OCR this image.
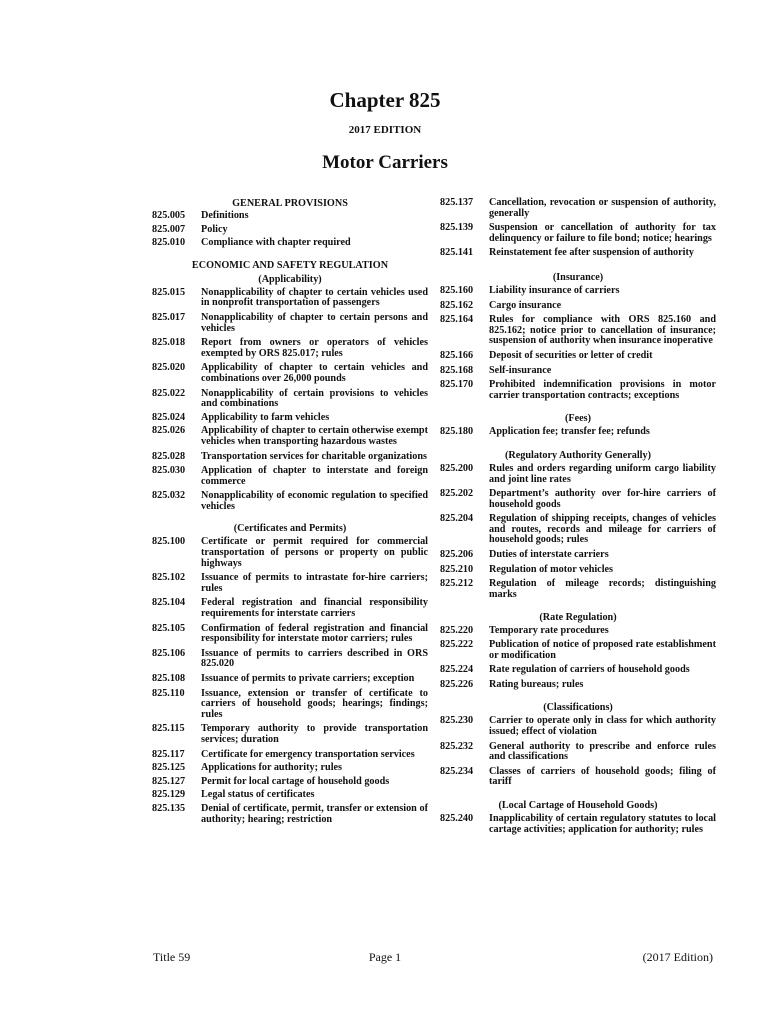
Chapter 825
2017 EDITION
Motor Carriers
GENERAL PROVISIONS
825.005	Definitions
825.007	Policy
825.010	Compliance with chapter required
ECONOMIC AND SAFETY REGULATION
(Applicability)
825.015	Nonapplicability of chapter to certain vehicles used in nonprofit transportation of passengers
825.017	Nonapplicability of chapter to certain persons and vehicles
825.018	Report from owners or operators of vehicles exempted by ORS 825.017; rules
825.020	Applicability of chapter to certain vehicles and combinations over 26,000 pounds
825.022	Nonapplicability of certain provisions to vehicles and combinations
825.024	Applicability to farm vehicles
825.026	Applicability of chapter to certain otherwise exempt vehicles when transporting hazardous wastes
825.028	Transportation services for charitable organizations
825.030	Application of chapter to interstate and foreign commerce
825.032	Nonapplicability of economic regulation to specified vehicles
(Certificates and Permits)
825.100	Certificate or permit required for commercial transportation of persons or property on public highways
825.102	Issuance of permits to intrastate for-hire carriers; rules
825.104	Federal registration and financial responsibility requirements for interstate carriers
825.105	Confirmation of federal registration and financial responsibility for interstate motor carriers; rules
825.106	Issuance of permits to carriers described in ORS 825.020
825.108	Issuance of permits to private carriers; exception
825.110	Issuance, extension or transfer of certificate to carriers of household goods; hearings; findings; rules
825.115	Temporary authority to provide transportation services; duration
825.117	Certificate for emergency transportation services
825.125	Applications for authority; rules
825.127	Permit for local cartage of household goods
825.129	Legal status of certificates
825.135	Denial of certificate, permit, transfer or extension of authority; hearing; restriction
825.137	Cancellation, revocation or suspension of authority, generally
825.139	Suspension or cancellation of authority for tax delinquency or failure to file bond; notice; hearings
825.141	Reinstatement fee after suspension of authority
(Insurance)
825.160	Liability insurance of carriers
825.162	Cargo insurance
825.164	Rules for compliance with ORS 825.160 and 825.162; notice prior to cancellation of insurance; suspension of authority when insurance inoperative
825.166	Deposit of securities or letter of credit
825.168	Self-insurance
825.170	Prohibited indemnification provisions in motor carrier transportation contracts; exceptions
(Fees)
825.180	Application fee; transfer fee; refunds
(Regulatory Authority Generally)
825.200	Rules and orders regarding uniform cargo liability and joint line rates
825.202	Department’s authority over for-hire carriers of household goods
825.204	Regulation of shipping receipts, changes of vehicles and routes, records and mileage for carriers of household goods; rules
825.206	Duties of interstate carriers
825.210	Regulation of motor vehicles
825.212	Regulation of mileage records; distinguishing marks
(Rate Regulation)
825.220	Temporary rate procedures
825.222	Publication of notice of proposed rate establishment or modification
825.224	Rate regulation of carriers of household goods
825.226	Rating bureaus; rules
(Classifications)
825.230	Carrier to operate only in class for which authority issued; effect of violation
825.232	General authority to prescribe and enforce rules and classifications
825.234	Classes of carriers of household goods; filing of tariff
(Local Cartage of Household Goods)
825.240	Inapplicability of certain regulatory statutes to local cartage activities; application for authority; rules
Title 59	Page 1	(2017 Edition)
